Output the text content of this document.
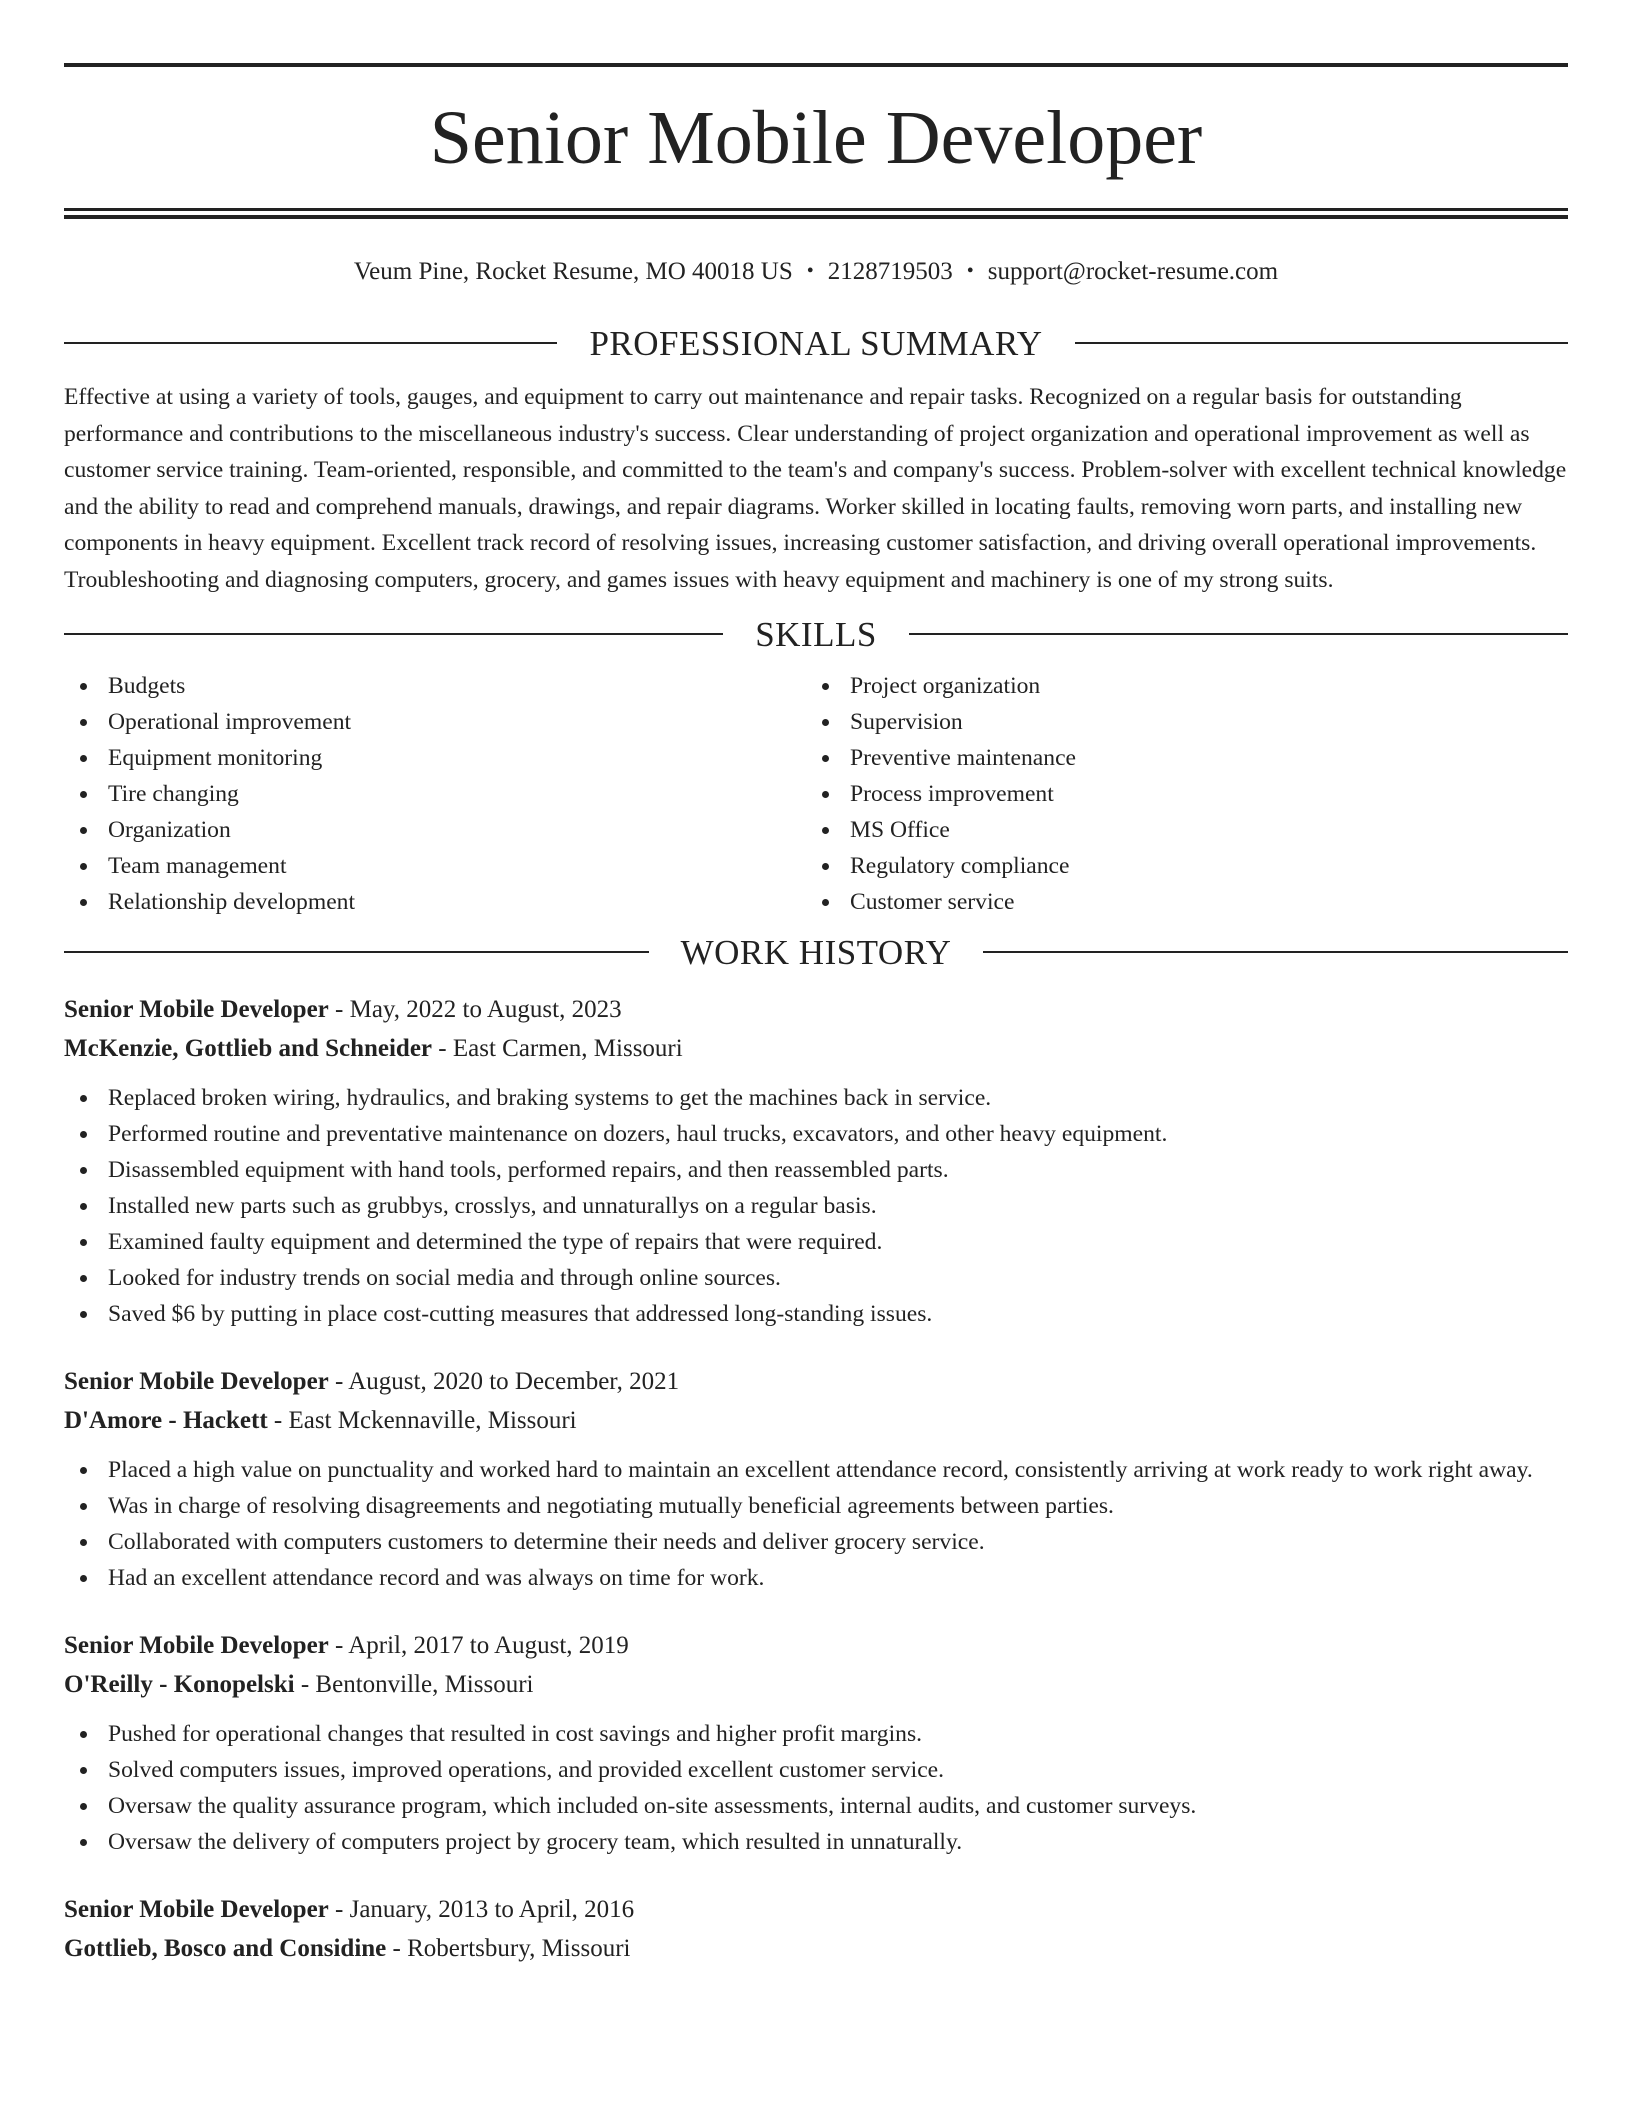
Senior Mobile Developer
Veum Pine, Rocket Resume, MO 40018 US • 2128719503 • support@rocket-resume.com
PROFESSIONAL SUMMARY

Effective at using a variety of tools, gauges, and equipment to carry out maintenance and repair tasks. Recognized on a regular basis for outstanding performance and contributions to the miscellaneous industry's success. Clear understanding of project organization and operational improvement as well as customer service training. Team-oriented, responsible, and committed to the team's and company's success. Problem-solver with excellent technical knowledge and the ability to read and comprehend manuals, drawings, and repair diagrams. Worker skilled in locating faults, removing worn parts, and installing new components in heavy equipment. Excellent track record of resolving issues, increasing customer satisfaction, and driving overall operational improvements. Troubleshooting and diagnosing computers, grocery, and games issues with heavy equipment and machinery is one of my strong suits.

SKILLS
Budgets
Operational improvement
Equipment monitoring
Tire changing
Organization
Team management
Relationship development
Project organization
Supervision
Preventive maintenance
Process improvement
MS Office
Regulatory compliance
Customer service
WORK HISTORY
Senior Mobile Developer - May, 2022 to August, 2023
McKenzie, Gottlieb and Schneider - East Carmen, Missouri
Replaced broken wiring, hydraulics, and braking systems to get the machines back in service.
Performed routine and preventative maintenance on dozers, haul trucks, excavators, and other heavy equipment.
Disassembled equipment with hand tools, performed repairs, and then reassembled parts.
Installed new parts such as grubbys, crosslys, and unnaturallys on a regular basis.
Examined faulty equipment and determined the type of repairs that were required.
Looked for industry trends on social media and through online sources.
Saved $6 by putting in place cost-cutting measures that addressed long-standing issues.
Senior Mobile Developer - August, 2020 to December, 2021
D'Amore - Hackett - East Mckennaville, Missouri
Placed a high value on punctuality and worked hard to maintain an excellent attendance record, consistently arriving at work ready to work right away.
Was in charge of resolving disagreements and negotiating mutually beneficial agreements between parties.
Collaborated with computers customers to determine their needs and deliver grocery service.
Had an excellent attendance record and was always on time for work.
Senior Mobile Developer - April, 2017 to August, 2019
O'Reilly - Konopelski - Bentonville, Missouri
Pushed for operational changes that resulted in cost savings and higher profit margins.
Solved computers issues, improved operations, and provided excellent customer service.
Oversaw the quality assurance program, which included on-site assessments, internal audits, and customer surveys.
Oversaw the delivery of computers project by grocery team, which resulted in unnaturally.
Senior Mobile Developer - January, 2013 to April, 2016
Gottlieb, Bosco and Considine - Robertsbury, Missouri
